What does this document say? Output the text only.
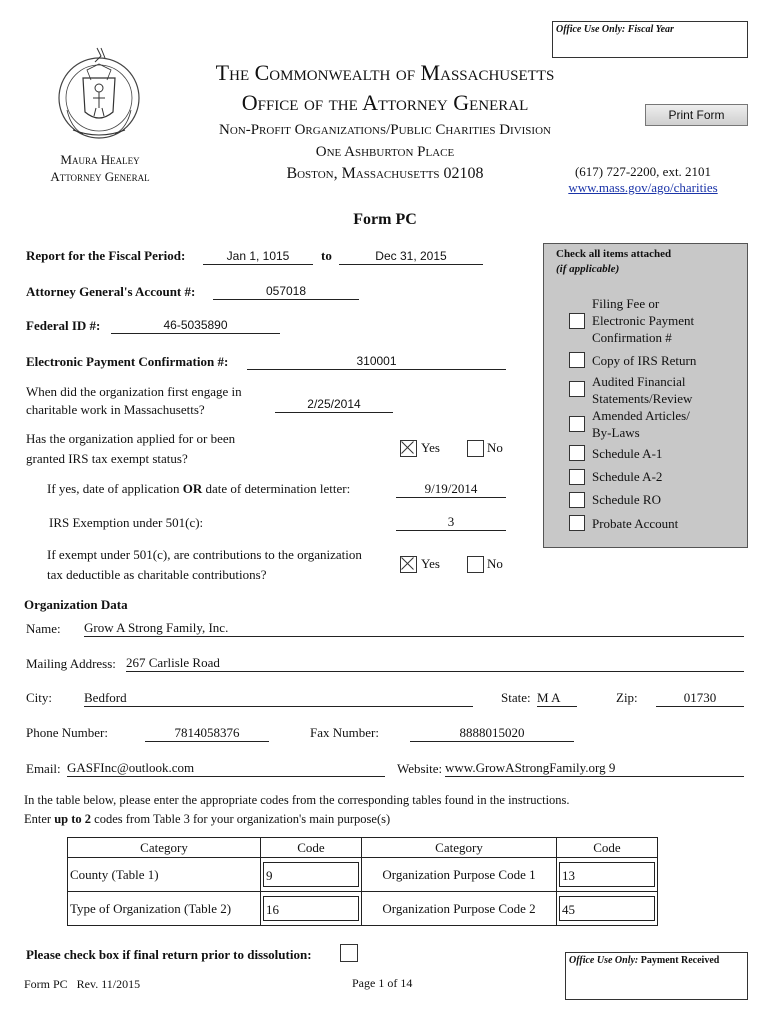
Office Use Only: Fiscal Year
Maura Healey
Attorney General
The Commonwealth of Massachusetts
Office of the Attorney General
Non-Profit Organizations/Public Charities Division
One Ashburton Place
Boston, Massachusetts 02108
Print Form
(617) 727-2200, ext. 2101
www.mass.gov/ago/charities
Form PC
Report for the Fiscal Period:	Jan 1, 1015	to	Dec 31, 2015
Attorney General's Account #:	057018
Federal ID #:	46-5035890
Electronic Payment Confirmation #:	310001
When did the organization first engage in
charitable work in Massachusetts?	2/25/2014
Has the organization applied for or been
granted IRS tax exempt status?
Yes	No
If yes, date of application OR date of determination letter:	9/19/2014
IRS Exemption under 501(c):	3
If exempt under 501(c), are contributions to the organization
tax deductible as charitable contributions?
Yes	No
Check all items attached
(if applicable)
Filing Fee or
Electronic Payment
Confirmation #
Copy of IRS Return
Audited Financial
Statements/Review
Amended Articles/
By-Laws
Schedule A-1
Schedule A-2
Schedule RO
Probate Account
Organization Data
Name: Grow A Strong Family, Inc.
Mailing Address: 267 Carlisle Road
City: Bedford	State: M A	Zip:	01730
Phone Number:	7814058376	Fax Number:	8888015020
Email: GASFInc@outlook.com	Website: www.GrowAStrongFamily.org 9
In the table below, please enter the appropriate codes from the corresponding tables found in the instructions.
Enter up to 2 codes from Table 3 for your organization's main purpose(s)
Category	Code	Category	Code
County (Table 1)	9	Organization Purpose Code 1	13

Type of Organization (Table 2)	16	Organization Purpose Code 2	45
Please check box if final return prior to dissolution:	Office Use Only: Payment Received
Form PC   Rev. 11/2015	Page 1 of 14
